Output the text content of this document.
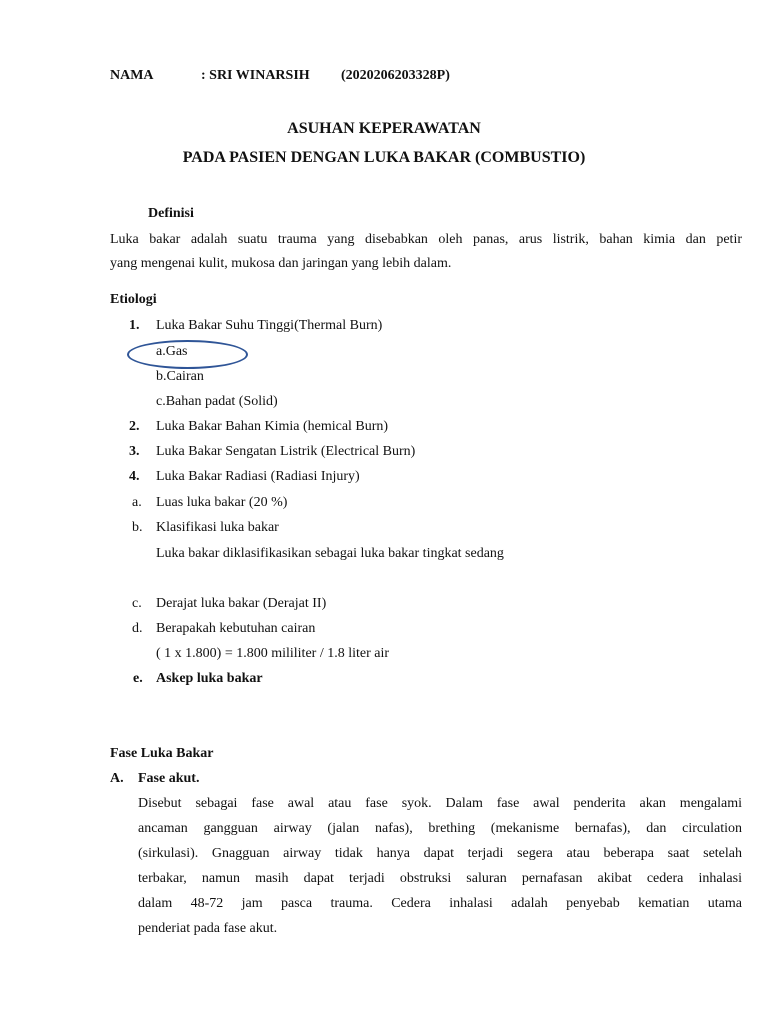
NAMA	: SRI WINARSIH (2020206203328P)
ASUHAN KEPERAWATAN
PADA PASIEN DENGAN LUKA BAKAR (COMBUSTIO)
Definisi
Luka bakar adalah suatu trauma yang disebabkan oleh panas, arus listrik, bahan kimia dan petir
yang mengenai kulit, mukosa dan jaringan yang lebih dalam.
Etiologi
1. Luka Bakar Suhu Tinggi(Thermal Burn)
a.Gas
b.Cairan
c.Bahan padat (Solid)
2. Luka Bakar Bahan Kimia (hemical Burn)
3. Luka Bakar Sengatan Listrik (Electrical Burn)
4. Luka Bakar Radiasi (Radiasi Injury)
a. Luas luka bakar (20 %)
b. Klasifikasi luka bakar
Luka bakar diklasifikasikan sebagai luka bakar tingkat sedang
c. Derajat luka bakar (Derajat II)
d. Berapakah kebutuhan cairan
( 1 x 1.800) = 1.800 mililiter / 1.8 liter air
e. Askep luka bakar
Fase Luka Bakar
A. Fase akut.
Disebut sebagai fase awal atau fase syok. Dalam fase awal penderita akan mengalami
ancaman gangguan airway (jalan nafas), brething (mekanisme bernafas), dan circulation
(sirkulasi). Gnagguan airway tidak hanya dapat terjadi segera atau beberapa saat setelah
terbakar, namun masih dapat terjadi obstruksi saluran pernafasan akibat cedera inhalasi
dalam 48-72 jam pasca trauma. Cedera inhalasi adalah penyebab kematian utama
penderiat pada fase akut.
